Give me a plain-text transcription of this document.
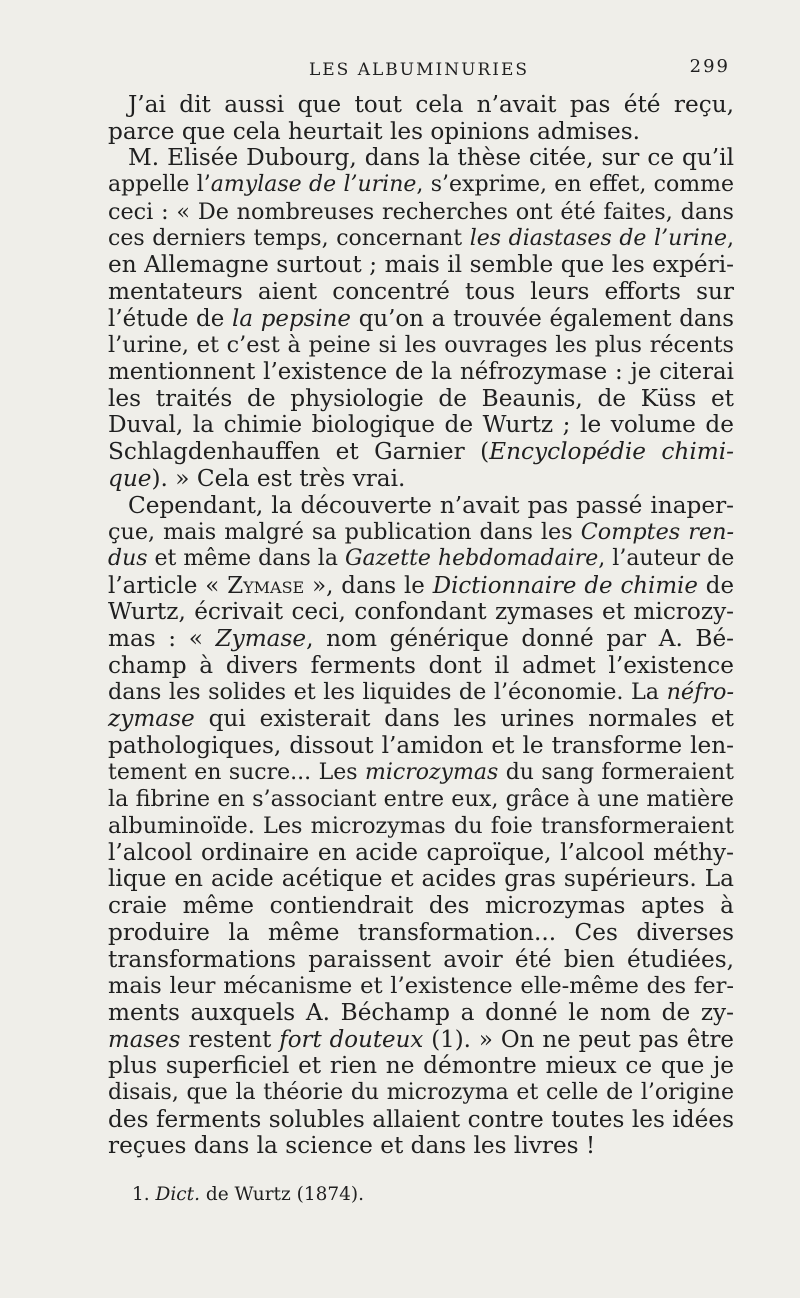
LES ALBUMINURIES	299
J’ai dit aussi que tout cela n’avait pas été reçu,
parce que cela heurtait les opinions admises.
M. Elisée Dubourg, dans la thèse citée, sur ce qu’il
appelle l’amylase de l’urine, s’exprime, en effet, comme
ceci : « De nombreuses recherches ont été faites, dans
ces derniers temps, concernant les diastases de l’urine,
en Allemagne surtout ; mais il semble que les expéri-
mentateurs aient concentré tous leurs efforts sur
l’étude de la pepsine qu’on a trouvée également dans
l’urine, et c’est à peine si les ouvrages les plus récents
mentionnent l’existence de la néfrozymase : je citerai
les traités de physiologie de Beaunis, de Küss et
Duval, la chimie biologique de Wurtz ; le volume de
Schlagdenhauffen et Garnier (Encyclopédie chimi-
que). » Cela est très vrai.
Cependant, la découverte n’avait pas passé inaper-
çue, mais malgré sa publication dans les Comptes ren-
dus et même dans la Gazette hebdomadaire, l’auteur de
l’article « Zymase », dans le Dictionnaire de chimie de
Wurtz, écrivait ceci, confondant zymases et microzy-
mas : « Zymase, nom générique donné par A. Bé-
champ à divers ferments dont il admet l’existence
dans les solides et les liquides de l’économie. La néfro-
zymase qui existerait dans les urines normales et
pathologiques, dissout l’amidon et le transforme len-
tement en sucre... Les microzymas du sang formeraient
la fibrine en s’associant entre eux, grâce à une matière
albuminoïde. Les microzymas du foie transformeraient
l’alcool ordinaire en acide caproïque, l’alcool méthy-
lique en acide acétique et acides gras supérieurs. La
craie même contiendrait des microzymas aptes à
produire la même transformation... Ces diverses
transformations paraissent avoir été bien étudiées,
mais leur mécanisme et l’existence elle-même des fer-
ments auxquels A. Béchamp a donné le nom de zy-
mases restent fort douteux (1). » On ne peut pas être
plus superficiel et rien ne démontre mieux ce que je
disais, que la théorie du microzyma et celle de l’origine
des ferments solubles allaient contre toutes les idées
reçues dans la science et dans les livres !
1. Dict. de Wurtz (1874).
